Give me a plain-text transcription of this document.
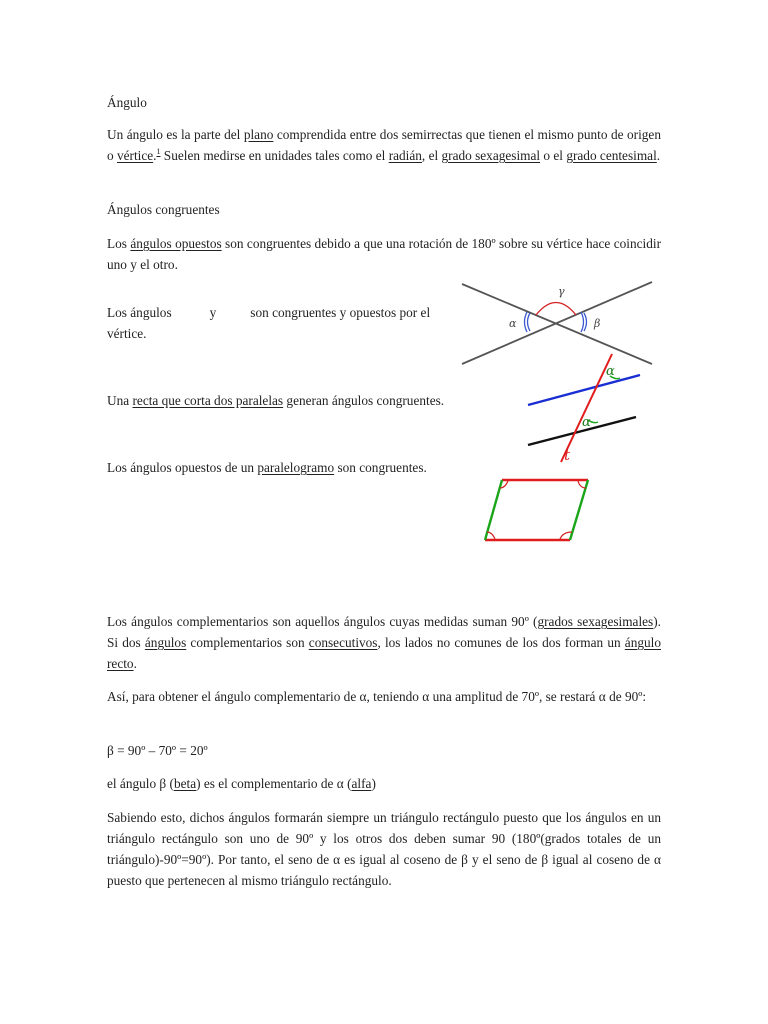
Ángulo

Un ángulo es la parte del plano comprendida entre dos semirrectas que tienen el mismo punto de origen o vértice.$^1$ Suelen medirse en unidades tales como el radián, el grado sexagesimal o el grado centesimal.

Ángulos congruentes

Los ángulos opuestos son congruentes debido a que una rotación de 180º sobre su vértice hace coincidir uno y el otro.

Los ángulos	y	son congruentes y opuestos por el vértice.

Una recta que corta dos paralelas generan ángulos congruentes.

Los ángulos opuestos de un paralelogramo son congruentes.

Los ángulos complementarios son aquellos ángulos cuyas medidas suman 90º (grados sexagesimales). Si dos ángulos complementarios son consecutivos, los lados no comunes de los dos forman un ángulo recto.

Así, para obtener el ángulo complementario de α, teniendo α una amplitud de 70º, se restará α de 90º:

β = 90º – 70º = 20º

el ángulo β (beta) es el complementario de α (alfa)

Sabiendo esto, dichos ángulos formarán siempre un triángulo rectángulo puesto que los ángulos en un triángulo rectángulo son uno de 90º y los otros dos deben sumar 90 (180º(grados totales de un triángulo)-90º=90º). Por tanto, el seno de α es igual al coseno de β y el seno de β igual al coseno de α puesto que pertenecen al mismo triángulo rectángulo.

γ
α	β
α
α
t
